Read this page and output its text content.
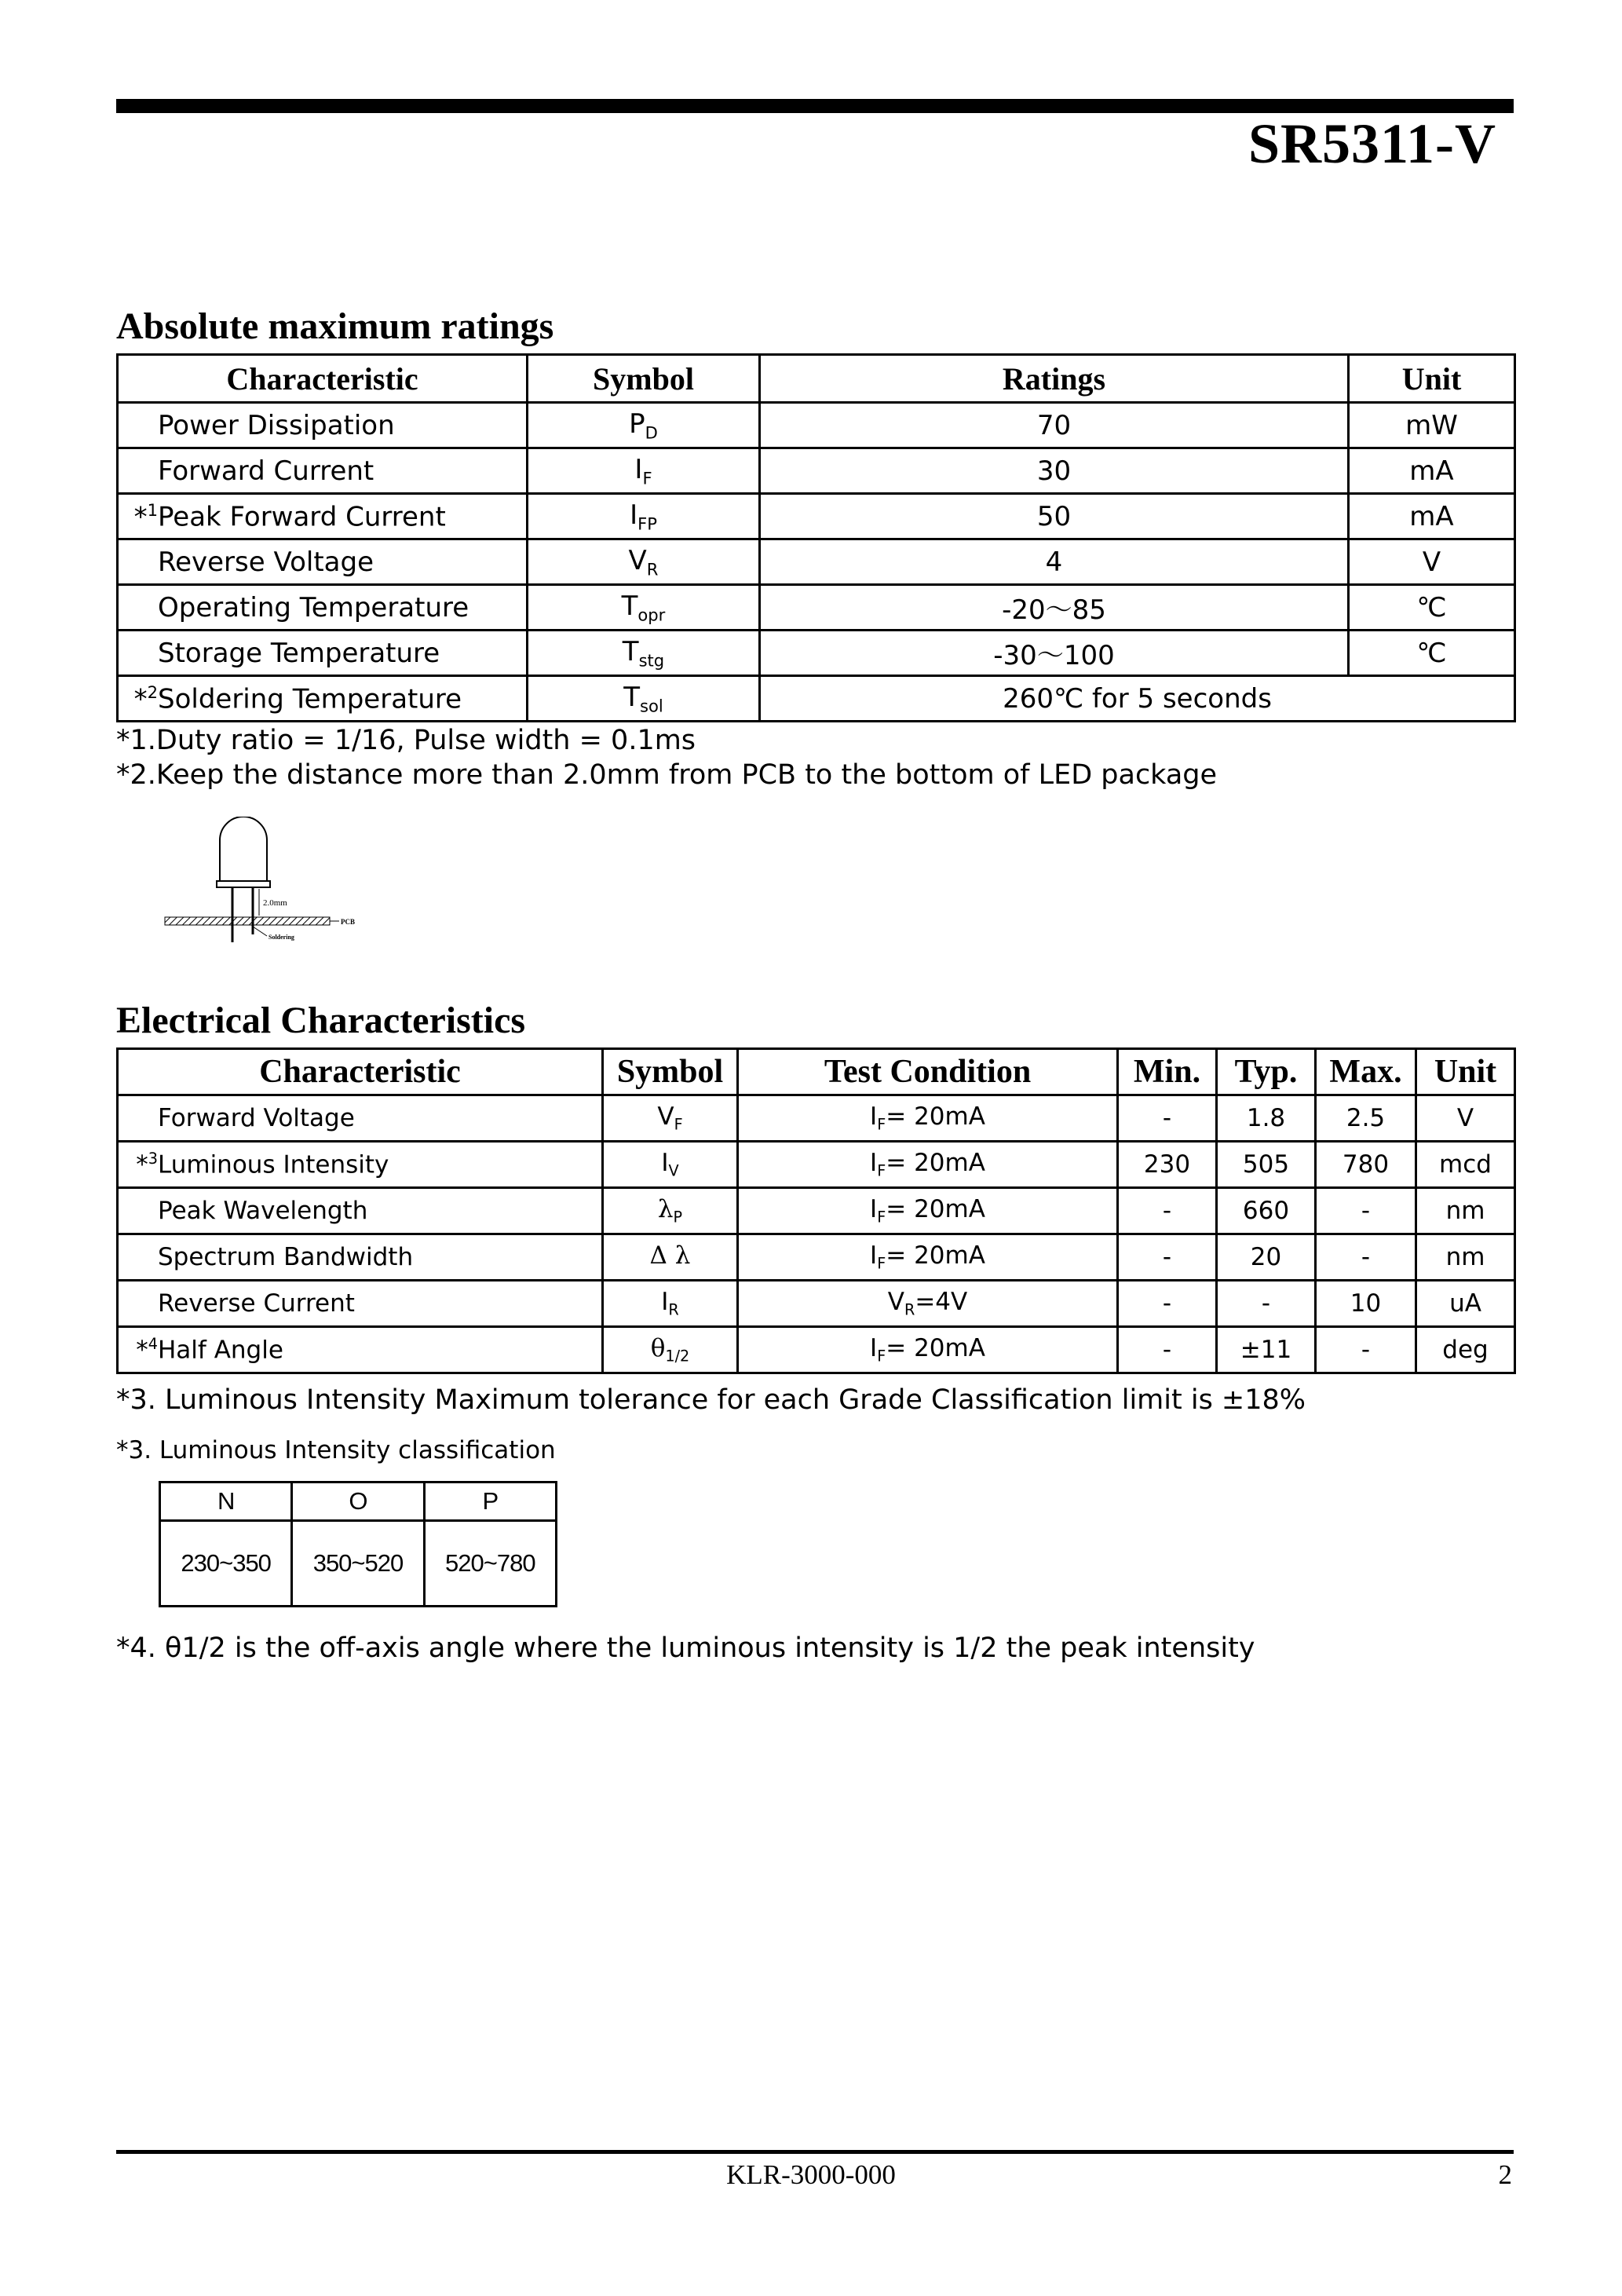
SR5311-V
Absolute maximum ratings
Characteristic	Symbol	Ratings	Unit
Power Dissipation	$P_D$	70	mW
Forward Current	$I_F$	30	mA
*$^1$Peak Forward Current	$I_{FP}$	50	mA
Reverse Voltage	$V_R$	4	V
Operating Temperature	$T_{opr}$	-20～85	℃
Storage Temperature	$T_{stg}$	-30～100	℃
*$^2$Soldering Temperature	$T_{sol}$	260℃ for 5 seconds	
*1.Duty ratio = 1/16, Pulse width = 0.1ms
*2.Keep the distance more than 2.0mm from PCB to the bottom of LED package
2.0mm
PCB
Soldering
Electrical Characteristics
Characteristic	Symbol	Test Condition	Min.	Typ.	Max.	Unit
Forward Voltage	$V_F$	$I_F= 20mA$	-	1.8	2.5	V
*$^3$Luminous Intensity	$I_V$	$I_F= 20mA$	230	505	780	mcd
Peak Wavelength	$\lambda_P$	$I_F= 20mA$	-	660	-	nm
Spectrum Bandwidth	Δ λ	$I_F= 20mA$	-	20	-	nm
Reverse Current	$I_R$	$V_R=4V$	-	-	10	uA
*$^4$Half Angle	$\theta_{1/2}$	$I_F= 20mA$	-	±11	-	deg
*3. Luminous Intensity Maximum tolerance for each Grade Classification limit is ±18%
*3. Luminous Intensity classification
N	O	P
230~350	350~520	520~780
*4. θ1/2 is the off-axis angle where the luminous intensity is 1/2 the peak intensity
KLR-3000-000	2
